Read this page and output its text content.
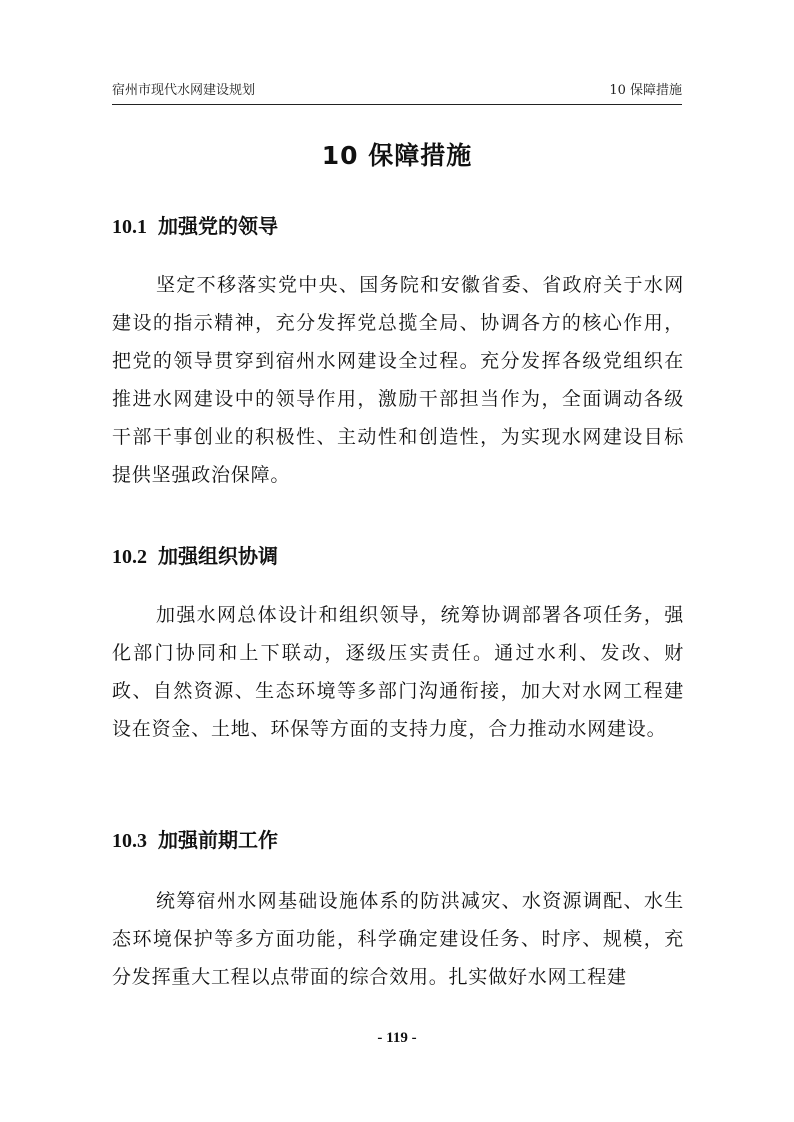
宿州市现代水网建设规划	10 保障措施
10 保障措施
10.1 加强党的领导

坚定不移落实党中央、国务院和安徽省委、省政府关于水网建设的指示精神，充分发挥党总揽全局、协调各方的核心作用，把党的领导贯穿到宿州水网建设全过程。充分发挥各级党组织在推进水网建设中的领导作用，激励干部担当作为，全面调动各级干部干事创业的积极性、主动性和创造性，为实现水网建设目标提供坚强政治保障。

10.2 加强组织协调

加强水网总体设计和组织领导，统筹协调部署各项任务，强化部门协同和上下联动，逐级压实责任。通过水利、发改、财政、自然资源、生态环境等多部门沟通衔接，加大对水网工程建设在资金、土地、环保等方面的支持力度，合力推动水网建设。

10.3 加强前期工作

统筹宿州水网基础设施体系的防洪减灾、水资源调配、水生态环境保护等多方面功能，科学确定建设任务、时序、规模，充分发挥重大工程以点带面的综合效用。扎实做好水网工程建

- 119 -
